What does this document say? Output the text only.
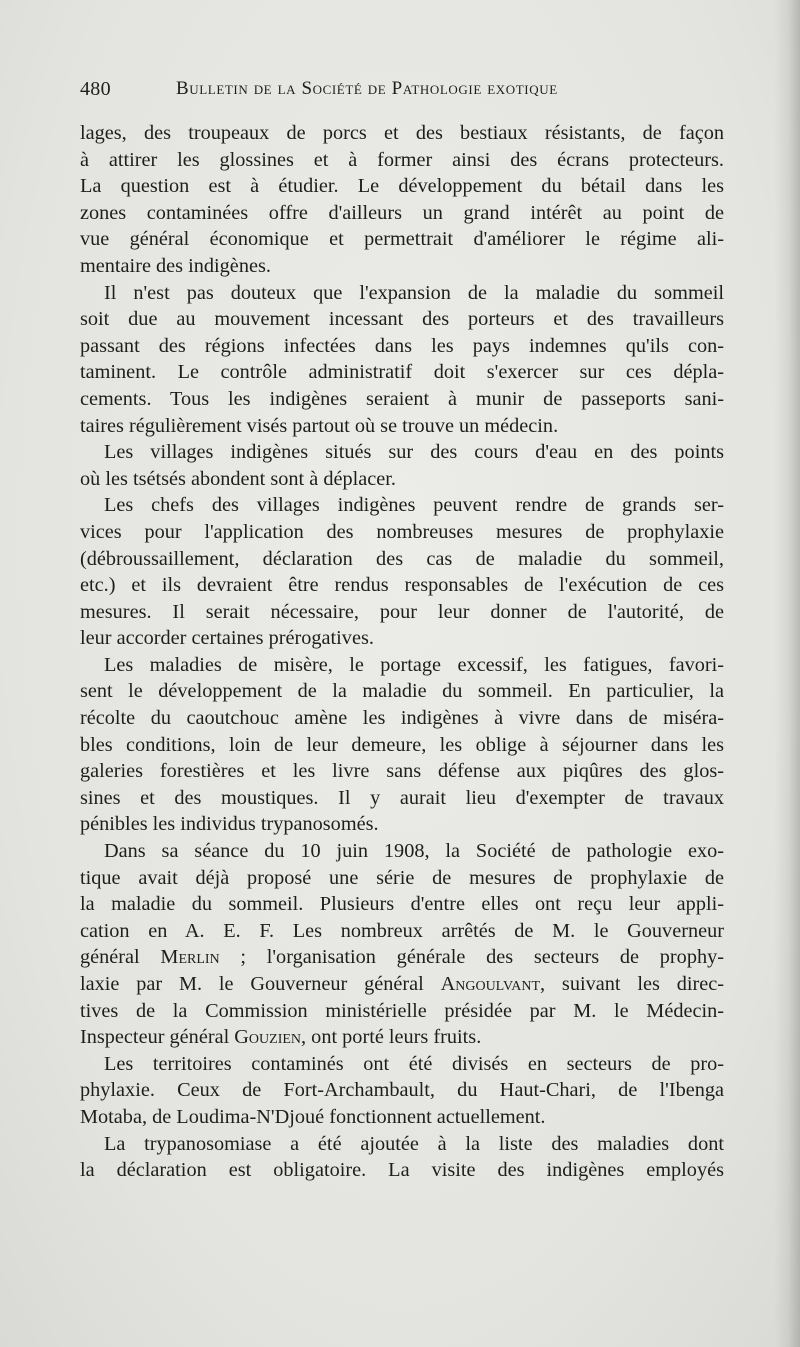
480	Bulletin de la Société de Pathologie exotique
lages, des troupeaux de porcs et des bestiaux résistants, de façon
à attirer les glossines et à former ainsi des écrans protecteurs.
La question est à étudier. Le développement du bétail dans les
zones contaminées offre d'ailleurs un grand intérêt au point de
vue général économique et permettrait d'améliorer le régime ali-
mentaire des indigènes.
Il n'est pas douteux que l'expansion de la maladie du sommeil
soit due au mouvement incessant des porteurs et des travailleurs
passant des régions infectées dans les pays indemnes qu'ils con-
taminent. Le contrôle administratif doit s'exercer sur ces dépla-
cements. Tous les indigènes seraient à munir de passeports sani-
taires régulièrement visés partout où se trouve un médecin.
Les villages indigènes situés sur des cours d'eau en des points
où les tsétsés abondent sont à déplacer.
Les chefs des villages indigènes peuvent rendre de grands ser-
vices pour l'application des nombreuses mesures de prophylaxie
(débroussaillement, déclaration des cas de maladie du sommeil,
etc.) et ils devraient être rendus responsables de l'exécution de ces
mesures. Il serait nécessaire, pour leur donner de l'autorité, de
leur accorder certaines prérogatives.
Les maladies de misère, le portage excessif, les fatigues, favori-
sent le développement de la maladie du sommeil. En particulier, la
récolte du caoutchouc amène les indigènes à vivre dans de miséra-
bles conditions, loin de leur demeure, les oblige à séjourner dans les
galeries forestières et les livre sans défense aux piqûres des glos-
sines et des moustiques. Il y aurait lieu d'exempter de travaux
pénibles les individus trypanosomés.
Dans sa séance du 10 juin 1908, la Société de pathologie exo-
tique avait déjà proposé une série de mesures de prophylaxie de
la maladie du sommeil. Plusieurs d'entre elles ont reçu leur appli-
cation en A. E. F. Les nombreux arrêtés de M. le Gouverneur
général Merlin ; l'organisation générale des secteurs de prophy-
laxie par M. le Gouverneur général Angoulvant, suivant les direc-
tives de la Commission ministérielle présidée par M. le Médecin-
Inspecteur général Gouzien, ont porté leurs fruits.
Les territoires contaminés ont été divisés en secteurs de pro-
phylaxie. Ceux de Fort-Archambault, du Haut-Chari, de l'Ibenga
Motaba, de Loudima-N'Djoué fonctionnent actuellement.
La trypanosomiase a été ajoutée à la liste des maladies dont
la déclaration est obligatoire. La visite des indigènes employés
